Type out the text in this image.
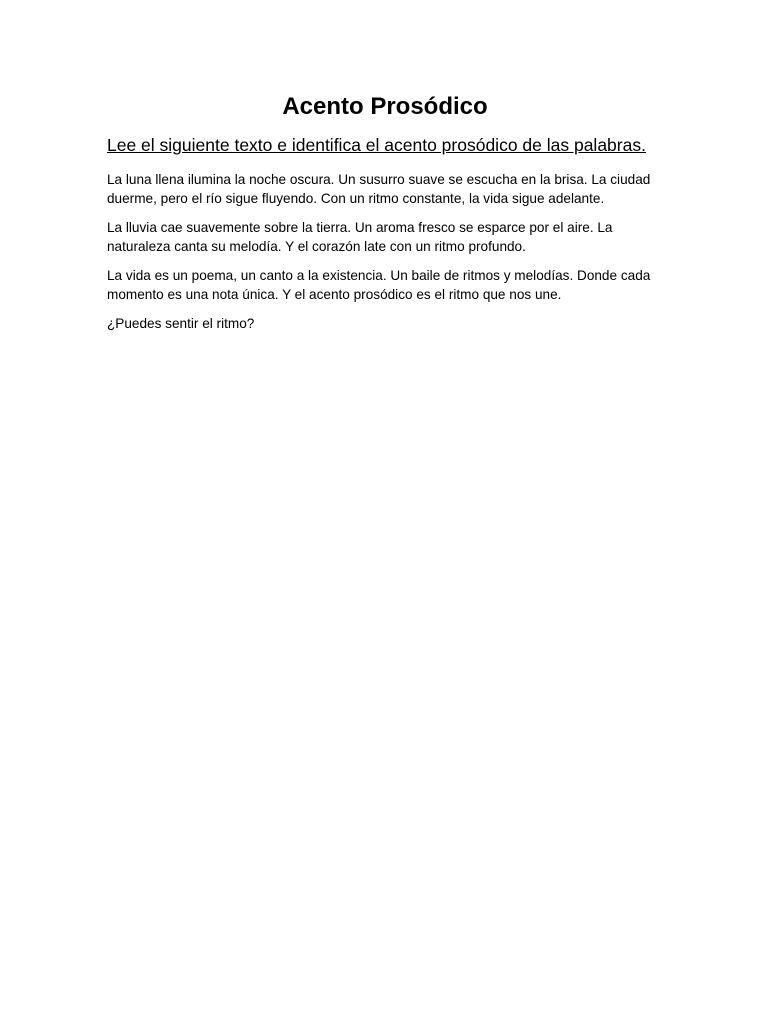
Acento Prosódico
Lee el siguiente texto e identifica el acento prosódico de las palabras.

La luna llena ilumina la noche oscura. Un susurro suave se escucha en la brisa. La ciudad duerme, pero el río sigue fluyendo. Con un ritmo constante, la vida sigue adelante.

La lluvia cae suavemente sobre la tierra. Un aroma fresco se esparce por el aire. La naturaleza canta su melodía. Y el corazón late con un ritmo profundo.

La vida es un poema, un canto a la existencia. Un baile de ritmos y melodías. Donde cada momento es una nota única. Y el acento prosódico es el ritmo que nos une.

¿Puedes sentir el ritmo?
